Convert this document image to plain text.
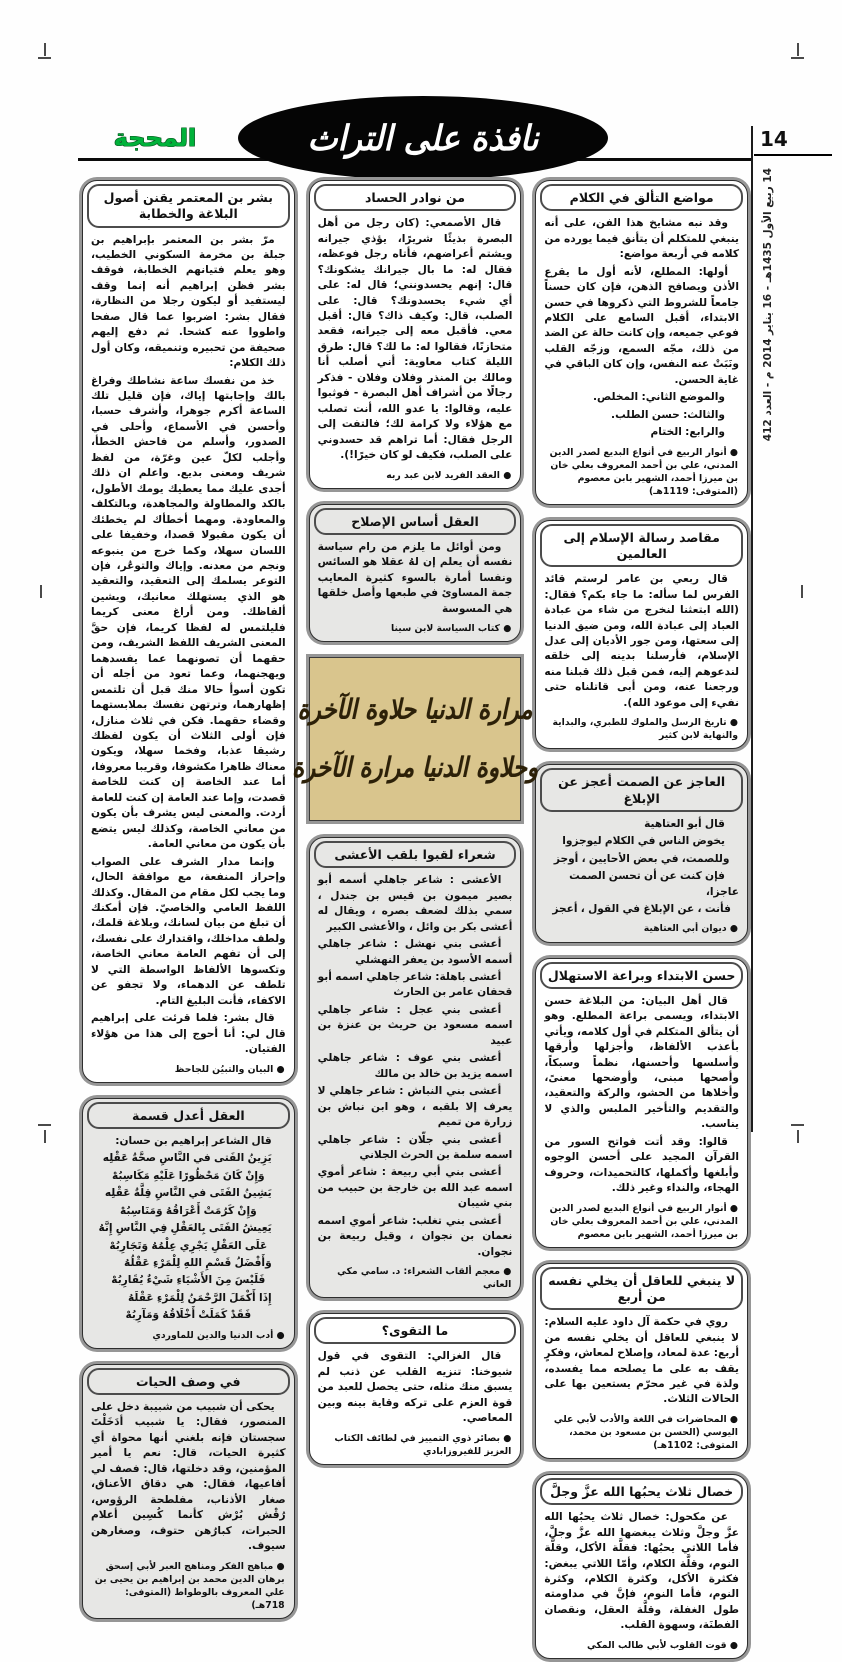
المحجة	نافذة على التراث	14
14 ربيع الأول 1435هـ - 16 يناير 2014 م - العدد 412
مواضع التألق في الكلام

وقد نبه مشايخ هذا الفن، على أنه ينبغي للمتكلم أن يتأنق فيما يورده من كلامه في أربعة مواضع:

أولها: المطلع، لأنه أول ما يقرع الأذن ويصافح الذهن، فإن كان حسناً جامعاً للشروط التي ذكروها في حسن الابتداء، أقبل السامع على الكلام فوعي جميعه، وإن كانت حالة عن الضد من ذلك، مجّه السمع، وزجّه القلب ونَبَتْ عنه النفس، وإن كان الباقي في غاية الحسن.

والموضع الثاني: المخلص.

والثالث: حسن الطلب.

والرابع: الختام

● أنوار الربيع في أنواع البديع لصدر الدين المدني، علي بن أحمد المعروف بعلي خان بن ميرزا أحمد، الشهير بابن معصوم (المتوفى: 1119هـ)
مقاصد رسالة الإسلام إلى العالمين

قال ربعي بن عامر لرستم قائد الفرس لما سأله: ما جاء بكم؟ فقال: (الله ابتعثنا لنخرج من شاء من عبادة العباد إلى عبادة الله، ومن ضيق الدنيا إلى سعتها، ومن جور الأديان إلى عدل الإسلام، فأرسلنا بدينه إلى خلقه لندعوهم إليه، فمن قبل ذلك قبلنا منه ورجعنا عنه، ومن أبى قاتلناه حتى نفيء إلى موعود الله).

● تاريخ الرسل والملوك للطبري، والبداية والنهاية لابن كثير
العاجز عن الصمت أعجز عن الإبلاغ

قال أبو العتاهية

يخوض الناس في الكلام ليوجزوا

وللصمت، في بعض الأحايين ، أوجز

فإن كنت عن أن تحسن الصمت عاجزا،

فأنت ، عن الإبلاغ في القول ، أعجز

● ديوان أبي العتاهية
حسن الابتداء وبراعة الاستهلال

قال أهل البيان: من البلاغة حسن الابتداء، ويسمى براعة المطلع. وهو أن يتألق المتكلم في أول كلامه، ويأتي بأعذب الألفاظ، وأجزلها وأرقها وأسلسها وأحسنها، نظماً وسبكاً، وأصحها مبنى، وأوضحها معنىً، وأخلاها من الحشو، والركة والتعقيد، والتقديم والتأخير الملبس والذي لا يناسب.

قالوا: وقد أتت فواتح السور من القرآن المجيد على أحسن الوجوه وأبلغها وأكملها، كالتحميدات، وحروف الهجاء، والنداء وغير ذلك.

● أنوار الربيع في أنواع البديع لصدر الدين المدني، علي بن أحمد المعروف بعلي خان بن ميرزا أحمد، الشهير بابن معصوم
لا ينبغي للعاقل أن يخلي نفسه من أربع

روي في حكمة آل داود عليه السلام: لا ينبغي للعاقل أن يخلي نفسه من أربع: عدة لمعاد، وإصلاح لمعاش، وفكرٍ يقف به على ما يصلحه مما يفسده، ولذة في غير محرّم يستعين بها على الحالات الثلاث.

● المحاضرات في اللغة والأدب لأبي علي اليوسي (الحسن بن مسعود بن محمد، المتوفى: 1102هـ)
خصال ثلاث يحبُها الله عزَّ وجلَّ

عن مكحول: خصال ثلاث يحبُها الله عزَّ وجلَّ وثلاث يبغضها الله عزَّ وجلَّ، فأما اللاتي يحبُها: فقلَّة الأكل، وقلَّة النوم، وقلَّة الكلام، وأمّا اللاتي يبغض: فكثرة الأكل، وكثرة الكلام، وكثرة النوم، فأما النوم، فإنَّ في مداومته طول الغفلة، وقلَّة العقل، ونقصان الفطنَة، وسهوة القلب.

● قوت القلوب لأبي طالب المكي
من نوادر الحساد

قال الأصمعي: (كان رجل من أهل البصرة بذيئًا شريرًا، يؤذي جيرانه ويشتم أعراضهم، فأتاه رجل فوعظه، فقال له: ما بال جيرانك يشكونك؟ قال: إنهم يحسدونني؛ قال له: على أي شيء يحسدونك؟ قال: على الصلب، قال: وكيف ذاك؟ قال: أقبل معي. فأقبل معه إلى جيرانه، فقعد متحازنًا، فقالوا له: ما لك؟ قال: طرق الليلة كتاب معاوية: أني أصلب أنا ومالك بن المنذر وفلان وفلان - فذكر رجالًا من أشراف أهل البصرة - فوثبوا عليه، وقالوا: يا عدو الله، أنت تصلب مع هؤلاء ولا كرامة لك؛ فالتفت إلى الرجل فقال: أما تراهم قد حسدوني على الصلب، فكيف لو كان خيرًا!).

● العقد الفريد لابن عبد ربه
العقل أساس الإصلاح

ومن أوائل ما يلزم من رام سياسة نفسه أن يعلم إن لهُ عقلا هو السائس ونفسا أمارة بالسوء كثيرة المعايب جمة المساوئ في طبعها وأصل خلقها هي المسوسة

● كتاب السياسة لابن سينا
مرارة الدنيا حلاوة الآخرة
وحلاوة الدنيا مرارة الآخرة
شعراء لقبوا بلقب الأعشى

الأعشى : شاعر جاهلي أسمه أبو بصير ميمون بن قيس بن جندل ، سمي بذلك لضعف بصره ، ويقال له أعشى بكر بن وائل ، والأعشى الكبير

أعشى بني نهشل : شاعر جاهلي أسمه الأسود بن يعفر النهشلي

أعشى باهلة: شاعر جاهلي اسمه أبو قحفان عامر بن الحارث

أعشى بني عجل : شاعر جاهلي اسمه مسعود بن حريث بن عنزة بن عبيد

أعشى بني عوف : شاعر جاهلي اسمه يزيد بن خالد بن مالك

أعشى بني النباش : شاعر جاهلي لا يعرف إلا بلقبه ، وهو ابن نباش بن زرارة من تميم

أعشى بني جلّان : شاعر جاهلي اسمه سلمة بن الحرث الجلاني

أعشى بني أبي ربيعة : شاعر أموي اسمه عبد الله بن خارجة بن حبيب من بني شيبان

أعشى بني تغلب: شاعر أموي اسمه نعمان بن نجوان ، وقيل ربيعة بن نجوان.

● معجم ألقاب الشعراء: د. سامي مكي العاني
ما التقوى؟

قال الغزالي: التقوى في قول شيوخنا: تنزيه القلب عن ذنب لم يسبق منك مثله، حتى يحصل للعبد من قوة العزم على تركه وقاية بينه وبين المعاصي.

● بصائر ذوي التمييز في لطائف الكتاب العزيز للفيروزابادي
بشر بن المعتمر يقنن أصول البلاغة والخطابة

مرّ بشر بن المعتمر بإبراهيم بن جبلة بن مخرمة السكوني الخطيب، وهو يعلم فتيانهم الخطابة، فوقف بشر فظن إبراهيم أنه إنما وقف ليستفيد أو ليكون رجلا من النظارة، فقال بشر: اضربوا عما قال صفحا واطووا عنه كشحا. ثم دفع إليهم صحيفة من تحبيره وتنميقه، وكان أول ذلك الكلام:

خذ من نفسك ساعة نشاطك وفراغ بالك وإجابتها إياك، فإن قليل تلك الساعة أكرم جوهرا، وأشرف حسبا، وأحسن في الأسماع، وأحلى في الصدور، وأسلم من فاحش الخطأ، وأجلب لكلّ عين وغرّة، من لفظ شريف ومعنى بديع. واعلم ان ذلك أجدى عليك مما يعطيك يومك الأطول، بالكد والمطاولة والمجاهدة، وبالتكلف والمعاودة. ومهما أخطأك لم يخطئك أن يكون مقبولا قصدا، وخفيفا على اللسان سهلا، وكما خرج من ينبوعه ونجم من معدنه. وإياك والتوعُر، فإن التوعر يسلمك إلى التعقيد، والتعقيد هو الذي يستهلك معانيك، ويشين ألفاظك. ومن أراغ معنى كريما فليلتمس له لفظا كريما، فإن حقَّ المعنى الشريف اللفظ الشريف، ومن حقهما أن تصونهما عما يفسدهما ويهجنهما، وعما تعود من أجله أن تكون أسوأ حالا منك قبل أن تلتمس إظهارهما، وترتهن نفسك بملابستهما وقضاء حقهما. فكن في ثلاث منازل، فإن أولى الثلاث أن يكون لفظك رشيقا عذبا، وفخما سهلا، ويكون معناك ظاهرا مكشوفا، وقريبا معروفا، أما عند الخاصة إن كنت للخاصة قصدت، وإما عند العامة إن كنت للعامة أردت. والمعنى ليس يشرف بأن يكون من معاني الخاصة، وكذلك ليس يتضع بأن يكون من معاني العامة.

وإنما مدار الشرف على الصواب وإحراز المنفعة، مع موافقة الحال، وما يجب لكل مقام من المقال. وكذلك اللفظ العامي والخاصيّ. فإن أمكنك أن تبلغ من بيان لسانك، وبلاغة قلمك، ولطف مداخلك، واقتدارك على نفسك، إلى أن تفهم العامة معاني الخاصة، وتكسوها الألفاظ الواسطة التي لا تلطف عن الدهماء، ولا تجفو عن الاكفاء، فأنت البليغ التام.

قال بشر: فلما قرئت على إبراهيم قال لي: أنا أحوج إلى هذا من هؤلاء الفتيان.

● البيان والتبيُن للجاحظ
العقل أعدل قسمة

قال الشاعر إبراهيم بن حسان:

يَزِينُ الفَتى في النَّاسِ صحَّةُ عَقْلِه

وَإِنْ كَانَ مَحْظُورًا عَلَيْهِ مَكَاسِبُهْ

يَشِينُ الفَتَى في النَّاسِ قِلَّةُ عَقْلِه

وَإِنْ كَرُمَتْ أَعْرَاقُهُ وَمَنَاسِبُهْ

يَعِيشُ الفَتَى بِالعَقْلِ فِي النَّاسِ إِنَّهُ

عَلَى العَقْلِ يَجْرِي عِلْمُهُ وَتَجَارِبُهْ

وَأَفْضَلُ قَسْمِ اللهِ لِلْمَرْءِ عَقْلُهُ

فَلَيْسَ مِنَ الأَشْيَاءِ شَيْءٌ يُقَارِبُهْ

إِذَا أَكْمَلَ الرَّحْمَنُ لِلْمَرْءِ عَقْلَهُ

فَقَدْ كَمَلَتْ أَخْلَاقُهُ وَمَآرِبُهْ

● أدب الدنيا والدين للماوردي
في وصف الحيات

يحكى أن شبيب من شبيبة دخل على المنصور، فقال: يا شبيب أدَخَلْتَ سجستان فإنه بلغني أنها محواة أي كثيرة الحيات، قال: نعم يا أمير المؤمنين، وقد دخلتها، قال: فصف لي أفاعيها، فقال: هي دقاق الأعناق، صغار الأذناب، مفلطحة الرؤوس، رُقْش بُرْش كأنما كُسِين أعلام الحبرات، كبارُهن حتوف، وصغارهن سيوف.

● مباهج الفكر ومناهج العبر لأبي إسحق برهان الدين محمد بن إبراهيم بن يحيى بن علي المعروف بالوطواط (المتوفى: 718هـ)
